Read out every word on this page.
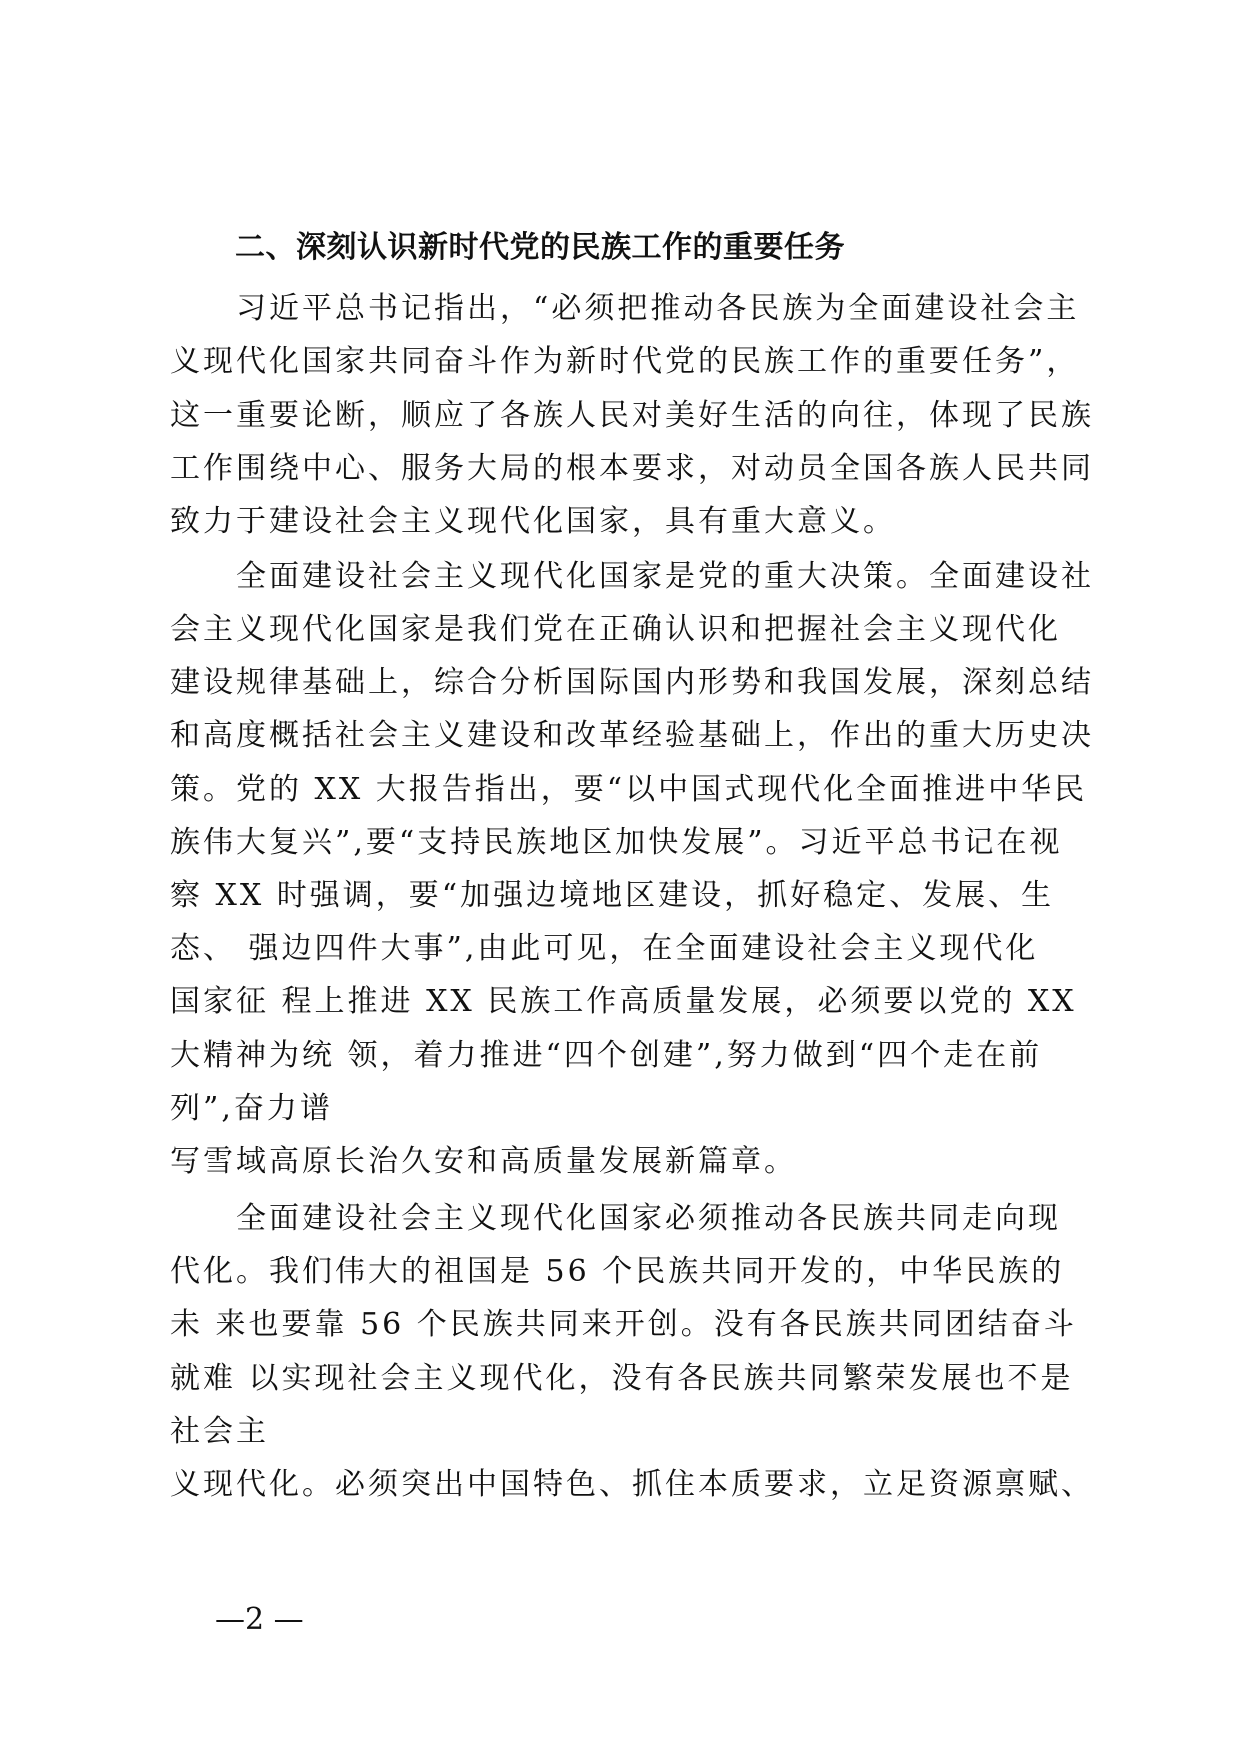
二、深刻认识新时代党的民族工作的重要任务
习近平总书记指出，“必须把推动各民族为全面建设社会主
义现代化国家共同奋斗作为新时代党的民族工作的重要任务”，
这一重要论断，顺应了各族人民对美好生活的向往，体现了民族
工作围绕中心、服务大局的根本要求，对动员全国各族人民共同
致力于建设社会主义现代化国家，具有重大意义。
全面建设社会主义现代化国家是党的重大决策。全面建设社
会主义现代化国家是我们党在正确认识和把握社会主义现代化
建设规律基础上，综合分析国际国内形势和我国发展，深刻总结
和高度概括社会主义建设和改革经验基础上，作出的重大历史决
策。党的 XX 大报告指出，要“以中国式现代化全面推进中华民
族伟大复兴”,要“支持民族地区加快发展”。习近平总书记在视
察 XX 时强调，要“加强边境地区建设，抓好稳定、发展、生
态、 强边四件大事”,由此可见，在全面建设社会主义现代化
国家征 程上推进 XX 民族工作高质量发展，必须要以党的 XX
大精神为统 领，着力推进“四个创建”,努力做到“四个走在前
列”,奋力谱
写雪域高原长治久安和高质量发展新篇章。
全面建设社会主义现代化国家必须推动各民族共同走向现
代化。我们伟大的祖国是 56 个民族共同开发的，中华民族的
未 来也要靠 56 个民族共同来开创。没有各民族共同团结奋斗
就难 以实现社会主义现代化，没有各民族共同繁荣发展也不是
社会主
义现代化。必须突出中国特色、抓住本质要求，立足资源禀赋、
—2 —
